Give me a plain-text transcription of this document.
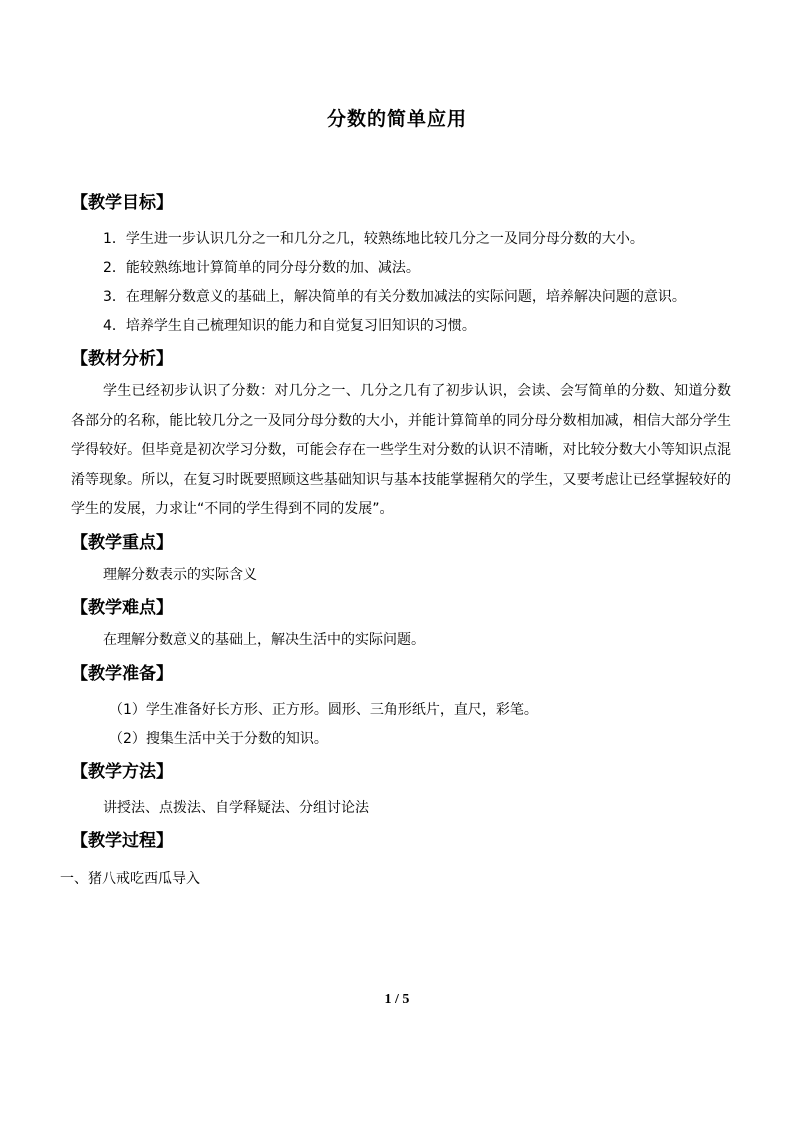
分数的简单应用
【教学目标】

1．学生进一步认识几分之一和几分之几，较熟练地比较几分之一及同分母分数的大小。

2．能较熟练地计算简单的同分母分数的加、减法。

3．在理解分数意义的基础上，解决简单的有关分数加减法的实际问题，培养解决问题的意识。

4．培养学生自己梳理知识的能力和自觉复习旧知识的习惯。

【教材分析】

学生已经初步认识了分数：对几分之一、几分之几有了初步认识，会读、会写简单的分数、知道分数各部分的名称，能比较几分之一及同分母分数的大小，并能计算简单的同分母分数相加减，相信大部分学生学得较好。但毕竟是初次学习分数，可能会存在一些学生对分数的认识不清晰，对比较分数大小等知识点混淆等现象。所以，在复习时既要照顾这些基础知识与基本技能掌握稍欠的学生，又要考虑让已经掌握较好的学生的发展，力求让“不同的学生得到不同的发展”。

【教学重点】

理解分数表示的实际含义

【教学难点】

在理解分数意义的基础上，解决生活中的实际问题。

【教学准备】

（1）学生准备好长方形、正方形。圆形、三角形纸片，直尺，彩笔。

（2）搜集生活中关于分数的知识。

【教学方法】

讲授法、点拨法、自学释疑法、分组讨论法

【教学过程】

一、猪八戒吃西瓜导入

1 / 5
